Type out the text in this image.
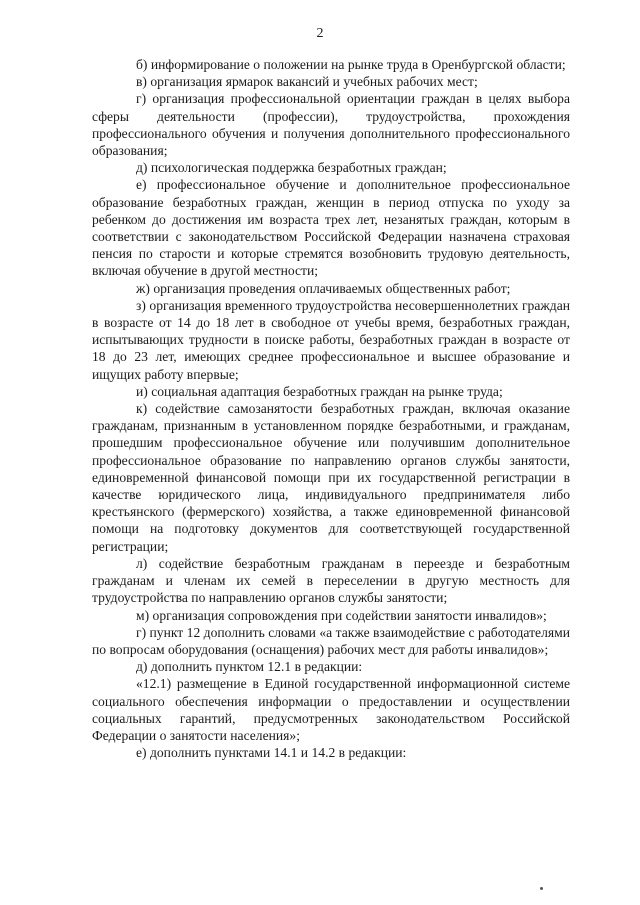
2

б) информирование о положении на рынке труда в Оренбургской области;

в) организация ярмарок вакансий и учебных рабочих мест;

г) организация профессиональной ориентации граждан в целях выбора сферы деятельности (профессии), трудоустройства, прохождения профессионального обучения и получения дополнительного профессионального образования;

д) психологическая поддержка безработных граждан;

е) профессиональное обучение и дополнительное профессиональное образование безработных граждан, женщин в период отпуска по уходу за ребенком до достижения им возраста трех лет, незанятых граждан, которым в соответствии с законодательством Российской Федерации назначена страховая пенсия по старости и которые стремятся возобновить трудовую деятельность, включая обучение в другой местности;

ж) организация проведения оплачиваемых общественных работ;

з) организация временного трудоустройства несовершеннолетних граждан в возрасте от 14 до 18 лет в свободное от учебы время, безработных граждан, испытывающих трудности в поиске работы, безработных граждан в возрасте от 18 до 23 лет, имеющих среднее профессиональное и высшее образование и ищущих работу впервые;

и) социальная адаптация безработных граждан на рынке труда;

к) содействие самозанятости безработных граждан, включая оказание гражданам, признанным в установленном порядке безработными, и гражданам, прошедшим профессиональное обучение или получившим дополнительное профессиональное образование по направлению органов службы занятости, единовременной финансовой помощи при их государственной регистрации в качестве юридического лица, индивидуального предпринимателя либо крестьянского (фермерского) хозяйства, а также единовременной финансовой помощи на подготовку документов для соответствующей государственной регистрации;

л) содействие безработным гражданам в переезде и безработным гражданам и членам их семей в переселении в другую местность для трудоустройства по направлению органов службы занятости;

м) организация сопровождения при содействии занятости инвалидов»;

г) пункт 12 дополнить словами «а также взаимодействие с работодателями по вопросам оборудования (оснащения) рабочих мест для работы инвалидов»;

д) дополнить пунктом 12.1 в редакции:

«12.1) размещение в Единой государственной информационной системе социального обеспечения информации о предоставлении и осуществлении социальных гарантий, предусмотренных законодательством Российской Федерации о занятости населения»;

е) дополнить пунктами 14.1 и 14.2 в редакции:
